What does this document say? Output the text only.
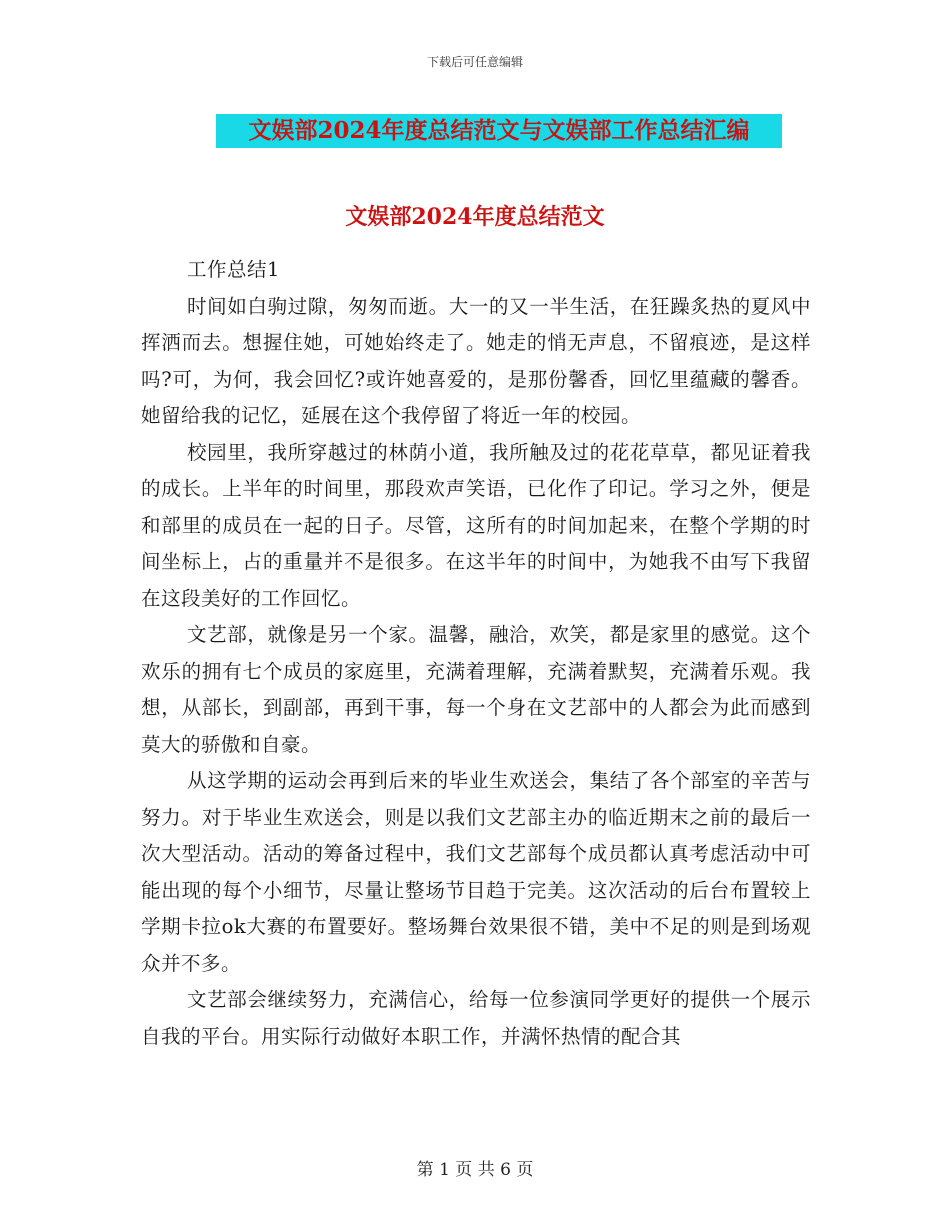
下载后可任意编辑
文娱部2024年度总结范文与文娱部工作总结汇编
文娱部2024年度总结范文

工作总结1

时间如白驹过隙，匆匆而逝。大一的又一半生活，在狂躁炙热的夏风中挥洒而去。想握住她，可她始终走了。她走的悄无声息，不留痕迹，是这样吗?可，为何，我会回忆?或许她喜爱的，是那份馨香，回忆里蕴藏的馨香。她留给我的记忆，延展在这个我停留了将近一年的校园。

校园里，我所穿越过的林荫小道，我所触及过的花花草草，都见证着我的成长。上半年的时间里，那段欢声笑语，已化作了印记。学习之外，便是和部里的成员在一起的日子。尽管，这所有的时间加起来，在整个学期的时间坐标上，占的重量并不是很多。在这半年的时间中，为她我不由写下我留在这段美好的工作回忆。

文艺部，就像是另一个家。温馨，融洽，欢笑，都是家里的感觉。这个欢乐的拥有七个成员的家庭里，充满着理解，充满着默契，充满着乐观。我想，从部长，到副部，再到干事，每一个身在文艺部中的人都会为此而感到莫大的骄傲和自豪。

从这学期的运动会再到后来的毕业生欢送会，集结了各个部室的辛苦与努力。对于毕业生欢送会，则是以我们文艺部主办的临近期末之前的最后一次大型活动。活动的筹备过程中，我们文艺部每个成员都认真考虑活动中可能出现的每个小细节，尽量让整场节目趋于完美。这次活动的后台布置较上学期卡拉ok大赛的布置要好。整场舞台效果很不错，美中不足的则是到场观众并不多。

文艺部会继续努力，充满信心，给每一位参演同学更好的提供一个展示自我的平台。用实际行动做好本职工作，并满怀热情的配合其

第 1 页 共 6 页
